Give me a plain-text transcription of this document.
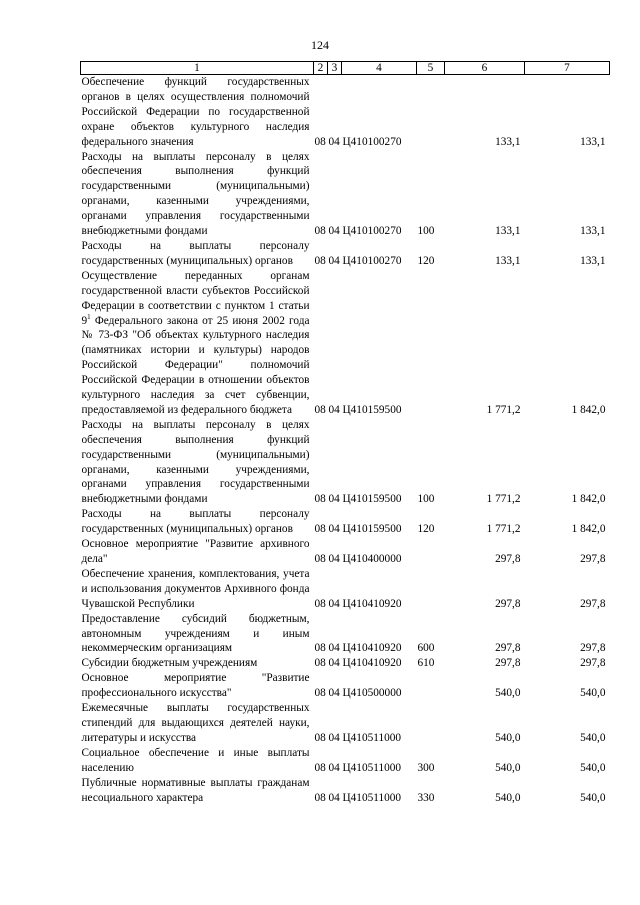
124
1	2	3	4	5	6	7
Обеспечение функций государственных органов в целях осуществления полномочий Российской Федерации по государственной охране объектов культурного наследия федерального значения	08	04	Ц410100270		133,1	133,1
Расходы на выплаты персоналу в целях обеспечения выполнения функций государственными (муниципальными) органами, казенными учреждениями, органами управления государственными внебюджетными фондами	08	04	Ц410100270	100	133,1	133,1
Расходы на выплаты персоналу государственных (муниципальных) органов	08	04	Ц410100270	120	133,1	133,1
Осуществление переданных органам государственной власти субъектов Российской Федерации в соответствии с пунктом 1 статьи $9^1$ Федерального закона от 25 июня 2002 года № 73-ФЗ "Об объектах культурного наследия (памятниках истории и культуры) народов Российской Федерации" полномочий Российской Федерации в отношении объектов культурного наследия за счет субвенции, предоставляемой из федерального бюджета	08	04	Ц410159500		1 771,2	1 842,0
Расходы на выплаты персоналу в целях обеспечения выполнения функций государственными (муниципальными) органами, казенными учреждениями, органами управления государственными внебюджетными фондами	08	04	Ц410159500	100	1 771,2	1 842,0
Расходы на выплаты персоналу государственных (муниципальных) органов	08	04	Ц410159500	120	1 771,2	1 842,0
Основное мероприятие "Развитие архивного дела"	08	04	Ц410400000		297,8	297,8
Обеспечение хранения, комплектования, учета и использования документов Архивного фонда Чувашской Республики	08	04	Ц410410920		297,8	297,8
Предоставление субсидий бюджетным, автономным учреждениям и иным некоммерческим организациям	08	04	Ц410410920	600	297,8	297,8
Субсидии бюджетным учреждениям	08	04	Ц410410920	610	297,8	297,8
Основное мероприятие "Развитие профессионального искусства"	08	04	Ц410500000		540,0	540,0
Ежемесячные выплаты государственных стипендий для выдающихся деятелей науки, литературы и искусства	08	04	Ц410511000		540,0	540,0
Социальное обеспечение и иные выплаты населению	08	04	Ц410511000	300	540,0	540,0
Публичные нормативные выплаты гражданам несоциального характера	08	04	Ц410511000	330	540,0	540,0
